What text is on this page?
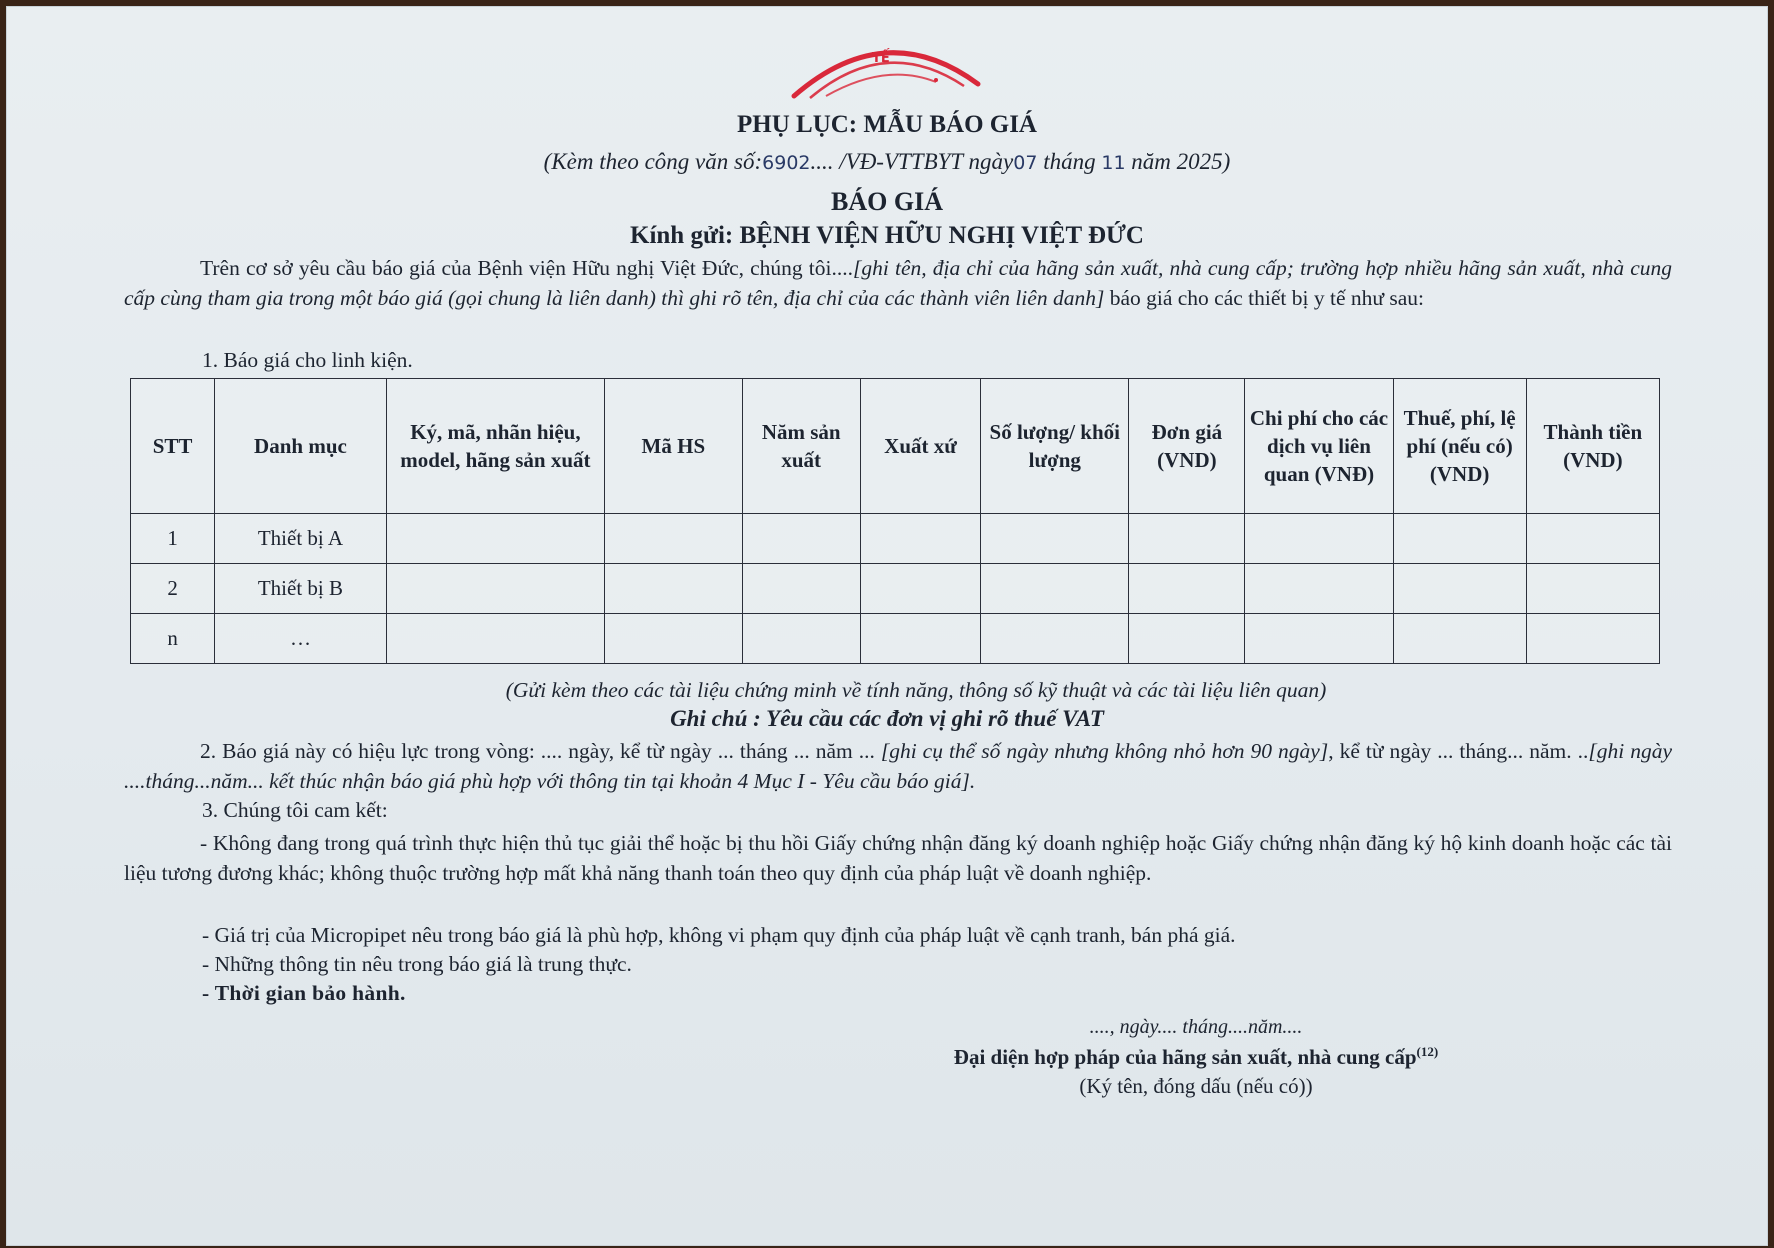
TẾ
PHỤ LỤC: MẪU BÁO GIÁ
(Kèm theo công văn số:6902.... /VĐ-VTTBYT ngày07 tháng 11 năm 2025)
BÁO GIÁ
Kính gửi: BỆNH VIỆN HỮU NGHỊ VIỆT ĐỨC
Trên cơ sở yêu cầu báo giá của Bệnh viện Hữu nghị Việt Đức, chúng tôi....[ghi tên, địa chỉ của hãng sản xuất, nhà cung cấp; trường hợp nhiều hãng sản xuất, nhà cung cấp cùng tham gia trong một báo giá (gọi chung là liên danh) thì ghi rõ tên, địa chỉ của các thành viên liên danh] báo giá cho các thiết bị y tế như sau:
1. Báo giá cho linh kiện.
STT	Danh mục	Ký, mã, nhãn hiệu, model, hãng sản xuất	Mã HS	Năm sản xuất	Xuất xứ	Số lượng/ khối lượng	Đơn giá (VND)	Chi phí cho các dịch vụ liên quan (VNĐ)	Thuế, phí, lệ phí (nếu có) (VND)	Thành tiền (VND)
1	Thiết bị A									
2	Thiết bị B									
n	…									
(Gửi kèm theo các tài liệu chứng minh về tính năng, thông số kỹ thuật và các tài liệu liên quan)
Ghi chú : Yêu cầu các đơn vị ghi rõ thuế VAT
2. Báo giá này có hiệu lực trong vòng: .... ngày, kể từ ngày ... tháng ... năm ... [ghi cụ thể số ngày nhưng không nhỏ hơn 90 ngày], kể từ ngày ... tháng... năm. ..[ghi ngày ....tháng...năm... kết thúc nhận báo giá phù hợp với thông tin tại khoản 4 Mục I - Yêu cầu báo giá].
3. Chúng tôi cam kết:
- Không đang trong quá trình thực hiện thủ tục giải thể hoặc bị thu hồi Giấy chứng nhận đăng ký doanh nghiệp hoặc Giấy chứng nhận đăng ký hộ kinh doanh hoặc các tài liệu tương đương khác; không thuộc trường hợp mất khả năng thanh toán theo quy định của pháp luật về doanh nghiệp.
- Giá trị của Micropipet nêu trong báo giá là phù hợp, không vi phạm quy định của pháp luật về cạnh tranh, bán phá giá.
- Những thông tin nêu trong báo giá là trung thực.
- Thời gian bảo hành.
...., ngày.... tháng....năm....
Đại diện hợp pháp của hãng sản xuất, nhà cung cấp$^{(12)}$
(Ký tên, đóng dấu (nếu có))
